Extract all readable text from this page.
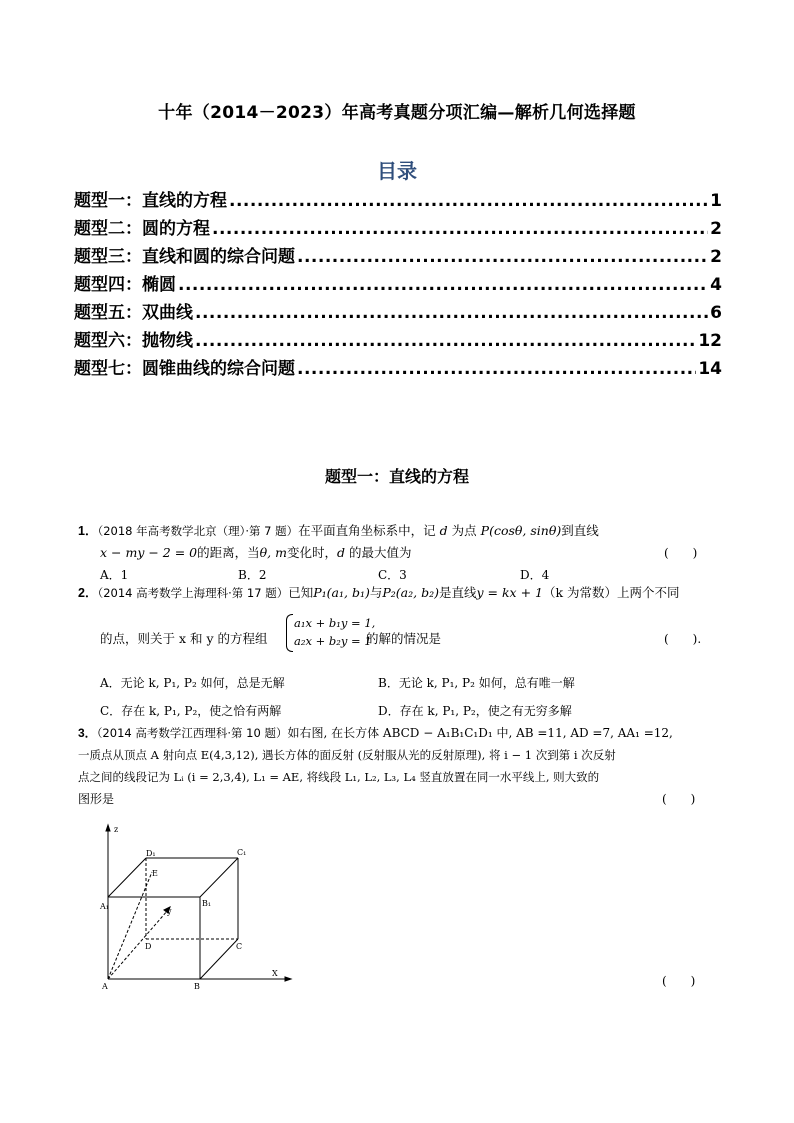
十年（2014－2023）年高考真题分项汇编—解析几何选择题
目录
题型一：直线的方程 .....	1
题型二：圆的方程 .....	2
题型三：直线和圆的综合问题 .....	2
题型四：椭圆 .....	4
题型五：双曲线 .....	6
题型六：抛物线 .....	12
题型七：圆锥曲线的综合问题 .....	14
题型一：直线的方程
1．（2018 年高考数学北京（理）·第 7 题）在平面直角坐标系中，记 d 为点 P(cosθ, sinθ)到直线
x − my − 2 = 0的距离，当θ, m变化时，d 的最大值为	(　　)
A．1	B．2	C．3	D．4
2．（2014 高考数学上海理科·第 17 题）已知P₁(a₁, b₁)与P₂(a₂, b₂)是直线y = kx + 1（k 为常数）上两个不同
的点，则关于 x 和 y 的方程组
a₁x + b₁y = 1,
a₂x + b₂y = 1
的解的情况是	(　　).
A．无论 k, P₁, P₂ 如何，总是无解	B．无论 k, P₁, P₂ 如何，总有唯一解
C．存在 k, P₁, P₂，使之恰有两解	D．存在 k, P₁, P₂，使之有无穷多解
3．（2014 高考数学江西理科·第 10 题）如右图, 在长方体 ABCD − A₁B₁C₁D₁ 中, AB =11, AD =7, AA₁ =12,
一质点从顶点 A 射向点 E(4,3,12), 遇长方体的面反射 (反射服从光的反射原理), 将 i − 1 次到第 i 次反射
点之间的线段记为 Lᵢ (i = 2,3,4), L₁ = AE, 将线段 L₁, L₂, L₃, L₄ 竖直放置在同一水平线上, 则大致的
图形是	(　　)
z
X
y
A	B
C
D
A₁	B₁
C₁
D₁
E
(　　)
